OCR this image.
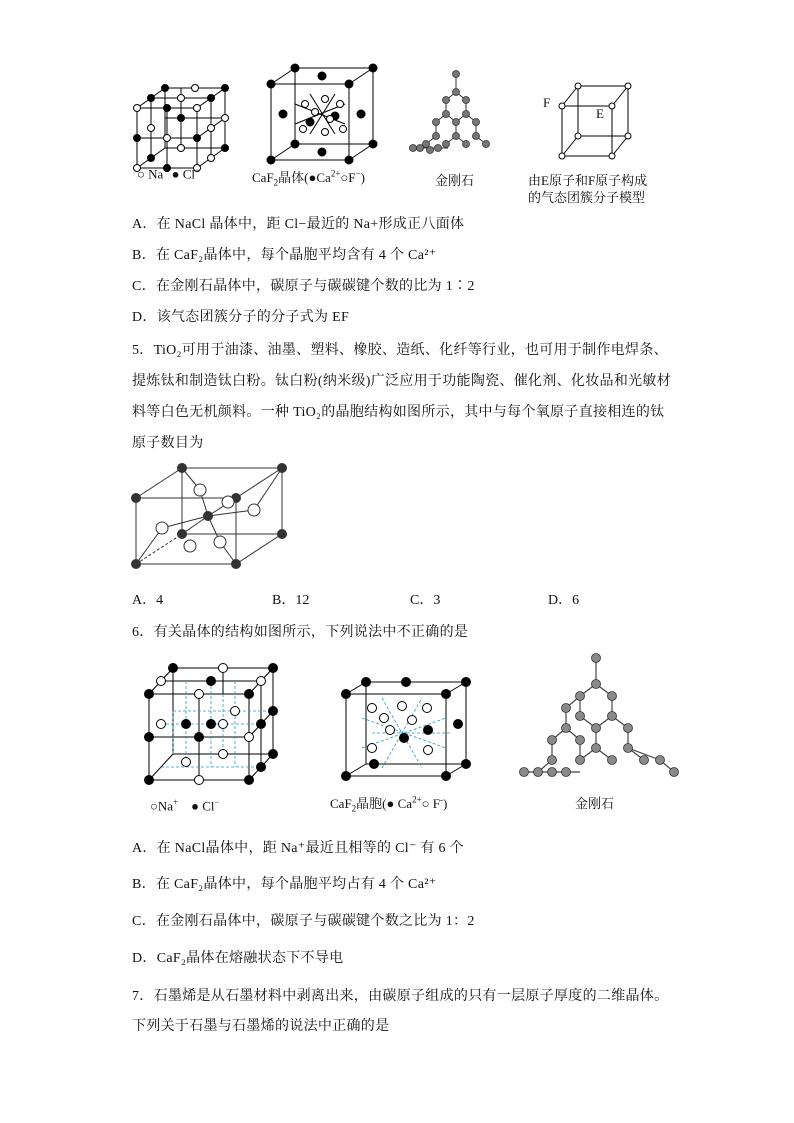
○ Na+ ● Cl−	CaF$_2$晶体$(●Ca^{2+}○F^-)$	金刚石
F
E
由E原子和F原子构成
的气态团簇分子模型
A．在 NaCl 晶体中，距 Cl−最近的 Na+形成正八面体
B．在 CaF₂晶体中，每个晶胞平均含有 4 个 Ca²⁺
C．在金刚石晶体中，碳原子与碳碳键个数的比为 1∶2
D．该气态团簇分子的分子式为 EF
5．TiO₂可用于油漆、油墨、塑料、橡胶、造纸、化纤等行业，也可用于制作电焊条、
提炼钛和制造钛白粉。钛白粉(纳米级)广泛应用于功能陶瓷、催化剂、化妆品和光敏材
料等白色无机颜料。一种 TiO₂的晶胞结构如图所示，其中与每个氧原子直接相连的钛
原子数目为
A．4	B．12	C．3	D．6
6．有关晶体的结构如图所示，下列说法中不正确的是
○Na+    ● Cl−	CaF$_2$晶胞(● $Ca^{2+}○$ F-)	金刚石
A．在 NaCl晶体中，距 Na⁺最近且相等的 Cl⁻ 有 6 个
B．在 CaF₂晶体中，每个晶胞平均占有 4 个 Ca²⁺
C．在金刚石晶体中，碳原子与碳碳键个数之比为 1：2
D．CaF₂晶体在熔融状态下不导电
7．石墨烯是从石墨材料中剥离出来，由碳原子组成的只有一层原子厚度的二维晶体。
下列关于石墨与石墨烯的说法中正确的是
